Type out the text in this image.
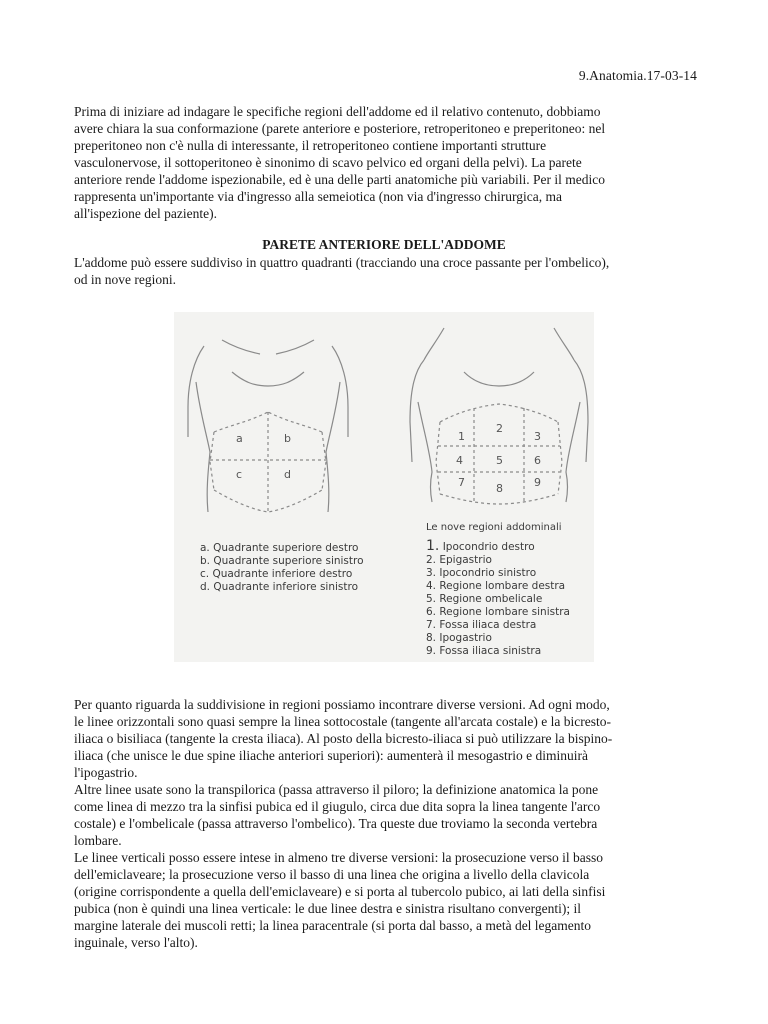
9.Anatomia.17-03-14

Prima di iniziare ad indagare le specifiche regioni dell'addome ed il relativo contenuto, dobbiamo

avere chiara la sua conformazione (parete anteriore e posteriore, retroperitoneo e preperitoneo: nel

preperitoneo non c'è nulla di interessante, il retroperitoneo contiene importanti strutture

vasculonervose, il sottoperitoneo è sinonimo di scavo pelvico ed organi della pelvi). La parete

anteriore rende l'addome ispezionabile, ed è una delle parti anatomiche più variabili. Per il medico

rappresenta un'importante via d'ingresso alla semeiotica (non via d'ingresso chirurgica, ma

all'ispezione del paziente).

PARETE ANTERIORE DELL'ADDOME

L'addome può essere suddiviso in quattro quadranti (tracciando una croce passante per l'ombelico),

od in nove regioni.

a	b
c	d
1
2
3
4	5	6
7	8	9
a. Quadrante superiore destro
b. Quadrante superiore sinistro
c. Quadrante inferiore destro
d. Quadrante inferiore sinistro
Le nove regioni addominali
1. Ipocondrio destro
2. Epigastrio
3. Ipocondrio sinistro
4. Regione lombare destra
5. Regione ombelicale
6. Regione lombare sinistra
7. Fossa iliaca destra
8. Ipogastrio
9. Fossa iliaca sinistra

Per quanto riguarda la suddivisione in regioni possiamo incontrare diverse versioni. Ad ogni modo,

le linee orizzontali sono quasi sempre la linea sottocostale (tangente all'arcata costale) e la bicresto-

iliaca o bisiliaca (tangente la cresta iliaca). Al posto della bicresto-iliaca si può utilizzare la bispino-

iliaca (che unisce le due spine iliache anteriori superiori): aumenterà il mesogastrio e diminuirà

l'ipogastrio.

Altre linee usate sono la transpilorica (passa attraverso il piloro; la definizione anatomica la pone

come linea di mezzo tra la sinfisi pubica ed il giugulo, circa due dita sopra la linea tangente l'arco

costale) e l'ombelicale (passa attraverso l'ombelico). Tra queste due troviamo la seconda vertebra

lombare.

Le linee verticali posso essere intese in almeno tre diverse versioni: la prosecuzione verso il basso

dell'emiclaveare; la prosecuzione verso il basso di una linea che origina a livello della clavicola

(origine corrispondente a quella dell'emiclaveare) e si porta al tubercolo pubico, ai lati della sinfisi

pubica (non è quindi una linea verticale: le due linee destra e sinistra risultano convergenti); il

margine laterale dei muscoli retti; la linea paracentrale (si porta dal basso, a metà del legamento

inguinale, verso l'alto).
